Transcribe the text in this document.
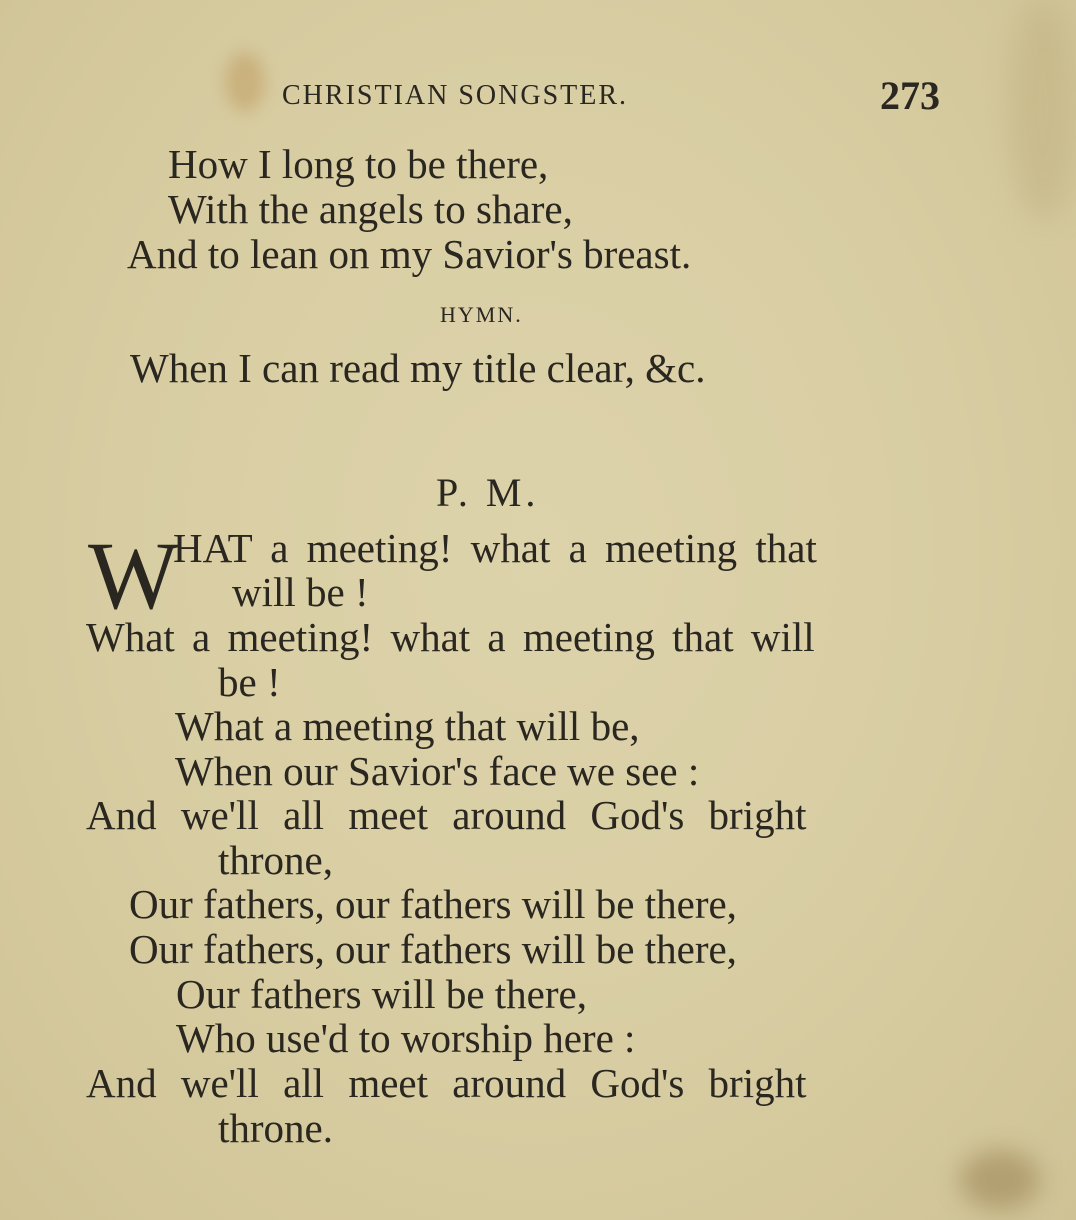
CHRISTIAN SONGSTER.	273
How I long to be there,
With the angels to share,
And to lean on my Savior's breast.
HYMN.
When I can read my title clear, &c.
P. M.
W
HAT a meeting! what a meeting that
will be !
What a meeting! what a meeting that will
be !
What a meeting that will be,
When our Savior's face we see :
And we'll all meet around God's bright
throne,
Our fathers, our fathers will be there,
Our fathers, our fathers will be there,
Our fathers will be there,
Who use'd to worship here :
And we'll all meet around God's bright
throne.
